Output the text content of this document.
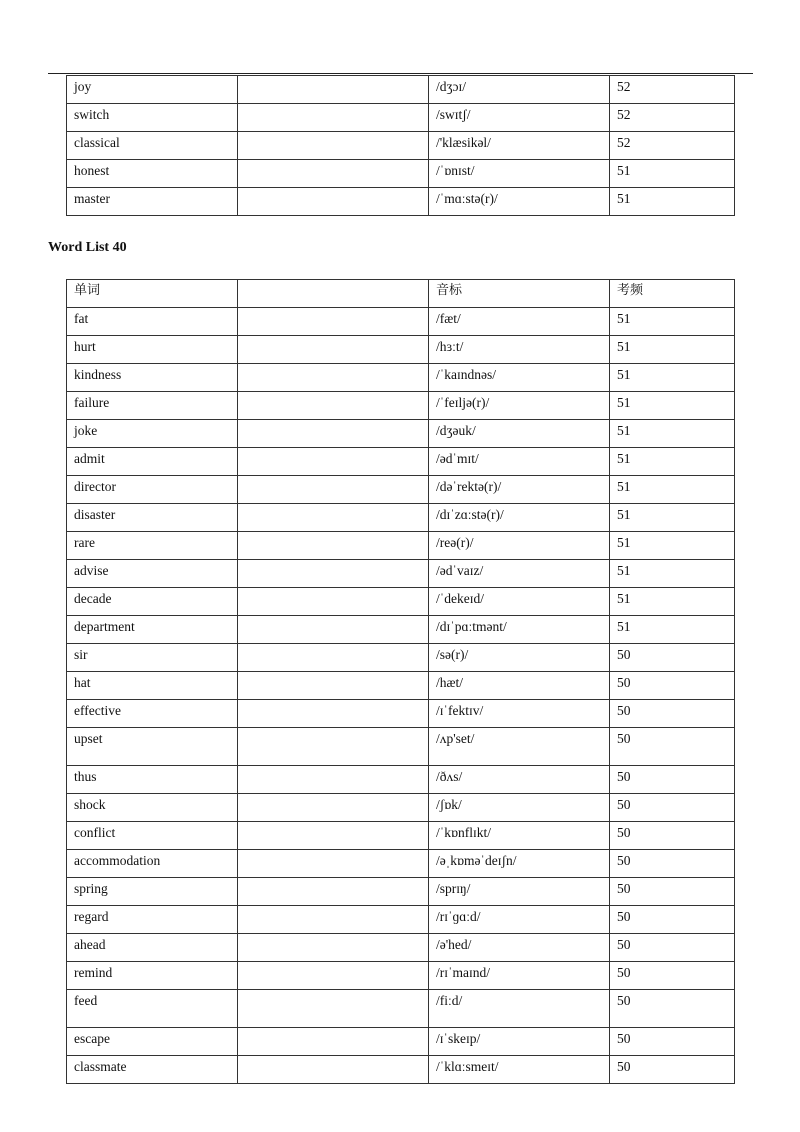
joy		/dʒɔɪ/	52
switch		/swɪtʃ/	52
classical		/'klæsikəl/	52
honest		/ˈɒnɪst/	51
master		/ˈmɑːstə(r)/	51
Word List 40
单词		音标	考频
fat		/fæt/	51
hurt		/hɜːt/	51
kindness		/ˈkaɪndnəs/	51
failure		/ˈfeɪljə(r)/	51
joke		/dʒəuk/	51
admit		/ədˈmɪt/	51
director		/dəˈrektə(r)/	51
disaster		/dɪˈzɑːstə(r)/	51
rare		/reə(r)/	51
advise		/ədˈvaɪz/	51
decade		/ˈdekeɪd/	51
department		/dɪˈpɑːtmənt/	51
sir		/sə(r)/	50
hat		/hæt/	50
effective		/ɪˈfektɪv/	50
upset		/ʌp'set/	50
thus		/ðʌs/	50
shock		/ʃɒk/	50
conflict		/ˈkɒnflɪkt/	50
accommodation		/əˌkɒməˈdeɪʃn/	50
spring		/sprɪŋ/	50
regard		/rɪˈɡɑːd/	50
ahead		/ə'hed/	50
remind		/rɪˈmaɪnd/	50
feed		/fiːd/	50
escape		/ɪˈskeɪp/	50
classmate		/ˈklɑːsmeɪt/	50
